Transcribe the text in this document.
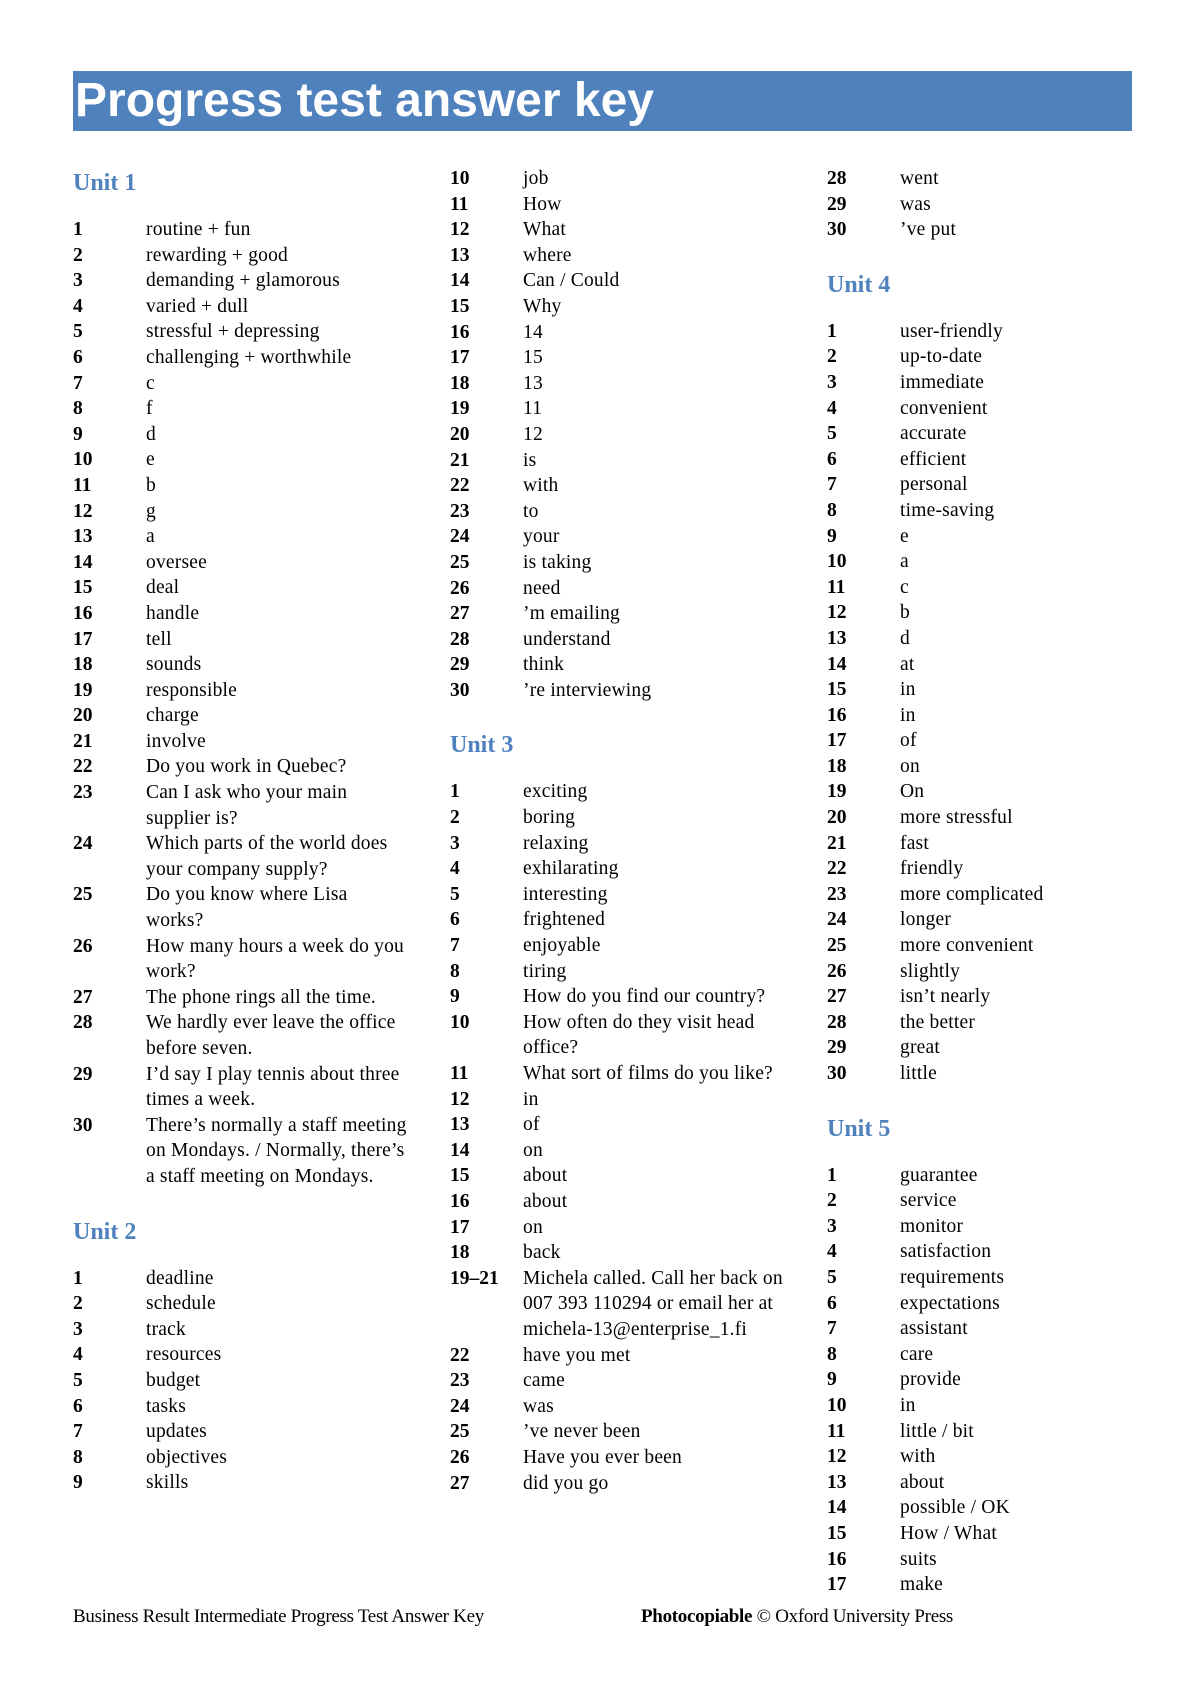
Progress test answer key
Unit 1
1	routine + fun
2	rewarding + good
3	demanding + glamorous
4	varied + dull
5	stressful + depressing
6	challenging + worthwhile
7	c
8	f
9	d
10	e
11	b
12	g
13	a
14	oversee
15	deal
16	handle
17	tell
18	sounds
19	responsible
20	charge
21	involve
22	Do you work in Quebec?
23	Can I ask who your main supplier is?
24	Which parts of the world does your company supply?
25	Do you know where Lisa works?
26	How many hours a week do you work?
27	The phone rings all the time.
28	We hardly ever leave the office before seven.
29	I’d say I play tennis about three times a week.
30	There’s normally a staff meeting on Mondays. / Normally, there’s a staff meeting on Mondays.
Unit 2
1	deadline
2	schedule
3	track
4	resources
5	budget
6	tasks
7	updates
8	objectives
9	skills
10	job
11	How
12	What
13	where
14	Can / Could
15	Why
16	14
17	15
18	13
19	11
20	12
21	is
22	with
23	to
24	your
25	is taking
26	need
27	’m emailing
28	understand
29	think
30	’re interviewing
Unit 3
1	exciting
2	boring
3	relaxing
4	exhilarating
5	interesting
6	frightened
7	enjoyable
8	tiring
9	How do you find our country?
10	How often do they visit head office?
11	What sort of films do you like?
12	in
13	of
14	on
15	about
16	about
17	on
18	back
19–21	Michela called. Call her back on 007 393 110294 or email her at michela-13@enterprise_1.fi
22	have you met
23	came
24	was
25	’ve never been
26	Have you ever been
27	did you go
28	went
29	was
30	’ve put
Unit 4
1	user-friendly
2	up-to-date
3	immediate
4	convenient
5	accurate
6	efficient
7	personal
8	time-saving
9	e
10	a
11	c
12	b
13	d
14	at
15	in
16	in
17	of
18	on
19	On
20	more stressful
21	fast
22	friendly
23	more complicated
24	longer
25	more convenient
26	slightly
27	isn’t nearly
28	the better
29	great
30	little
Unit 5
1	guarantee
2	service
3	monitor
4	satisfaction
5	requirements
6	expectations
7	assistant
8	care
9	provide
10	in
11	little / bit
12	with
13	about
14	possible / OK
15	How / What
16	suits
17	make
Business Result Intermediate Progress Test Answer Key	Photocopiable © Oxford University Press
